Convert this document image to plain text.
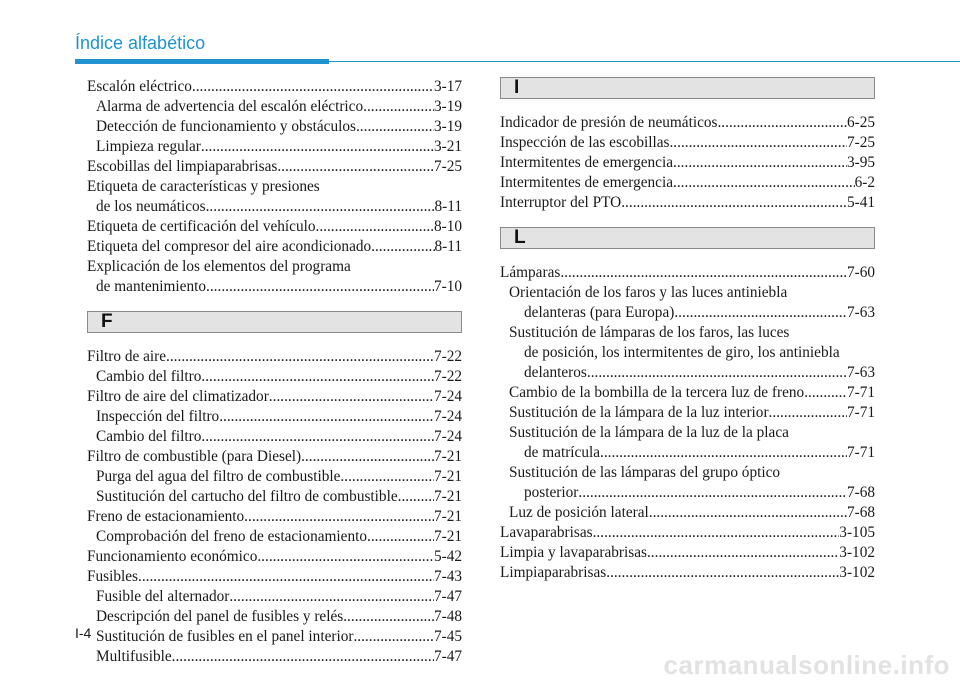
Índice alfabético
Escalón eléctrico .....	3-17
Alarma de advertencia del escalón eléctrico .....	3-19
Detección de funcionamiento y obstáculos .....	3-19
Limpieza regular .....	3-21
Escobillas del limpiaparabrisas .....	7-25
Etiqueta de características y presiones
de los neumáticos .....	8-11
Etiqueta de certificación del vehículo .....	8-10
Etiqueta del compresor del aire acondicionado .....	8-11
Explicación de los elementos del programa
de mantenimiento .....	7-10
F
Filtro de aire .....	7-22
Cambio del filtro .....	7-22
Filtro de aire del climatizador .....	7-24
Inspección del filtro .....	7-24
Cambio del filtro .....	7-24
Filtro de combustible (para Diesel) .....	7-21
Purga del agua del filtro de combustible .....	7-21
Sustitución del cartucho del filtro de combustible ..... 7-21
Freno de estacionamiento .....	7-21
Comprobación del freno de estacionamiento .....	7-21
Funcionamiento económico .....	5-42
Fusibles .....	7-43
Fusible del alternador .....	7-47
Descripción del panel de fusibles y relés .....	7-48
Sustitución de fusibles en el panel interior .....	7-45
Multifusible .....	7-47
I
Indicador de presión de neumáticos .....	6-25
Inspección de las escobillas .....	7-25
Intermitentes de emergencia .....	3-95
Intermitentes de emergencia .....	6-2
Interruptor del PTO .....	5-41
L
Lámparas .....	7-60
Orientación de los faros y las luces antiniebla
delanteras (para Europa) .....	7-63
Sustitución de lámparas de los faros, las luces
de posición, los intermitentes de giro, los antiniebla
delanteros .....	7-63
Cambio de la bombilla de la tercera luz de freno .....	7-71
Sustitución de la lámpara de la luz interior .....	7-71
Sustitución de la lámpara de la luz de la placa
de matrícula .....	7-71
Sustitución de las lámparas del grupo óptico
posterior .....	7-68
Luz de posición lateral .....	7-68
Lavaparabrisas .....	3-105
Limpia y lavaparabrisas .....	3-102
Limpiaparabrisas .....	3-102
I-4
carmanualsonline.info
